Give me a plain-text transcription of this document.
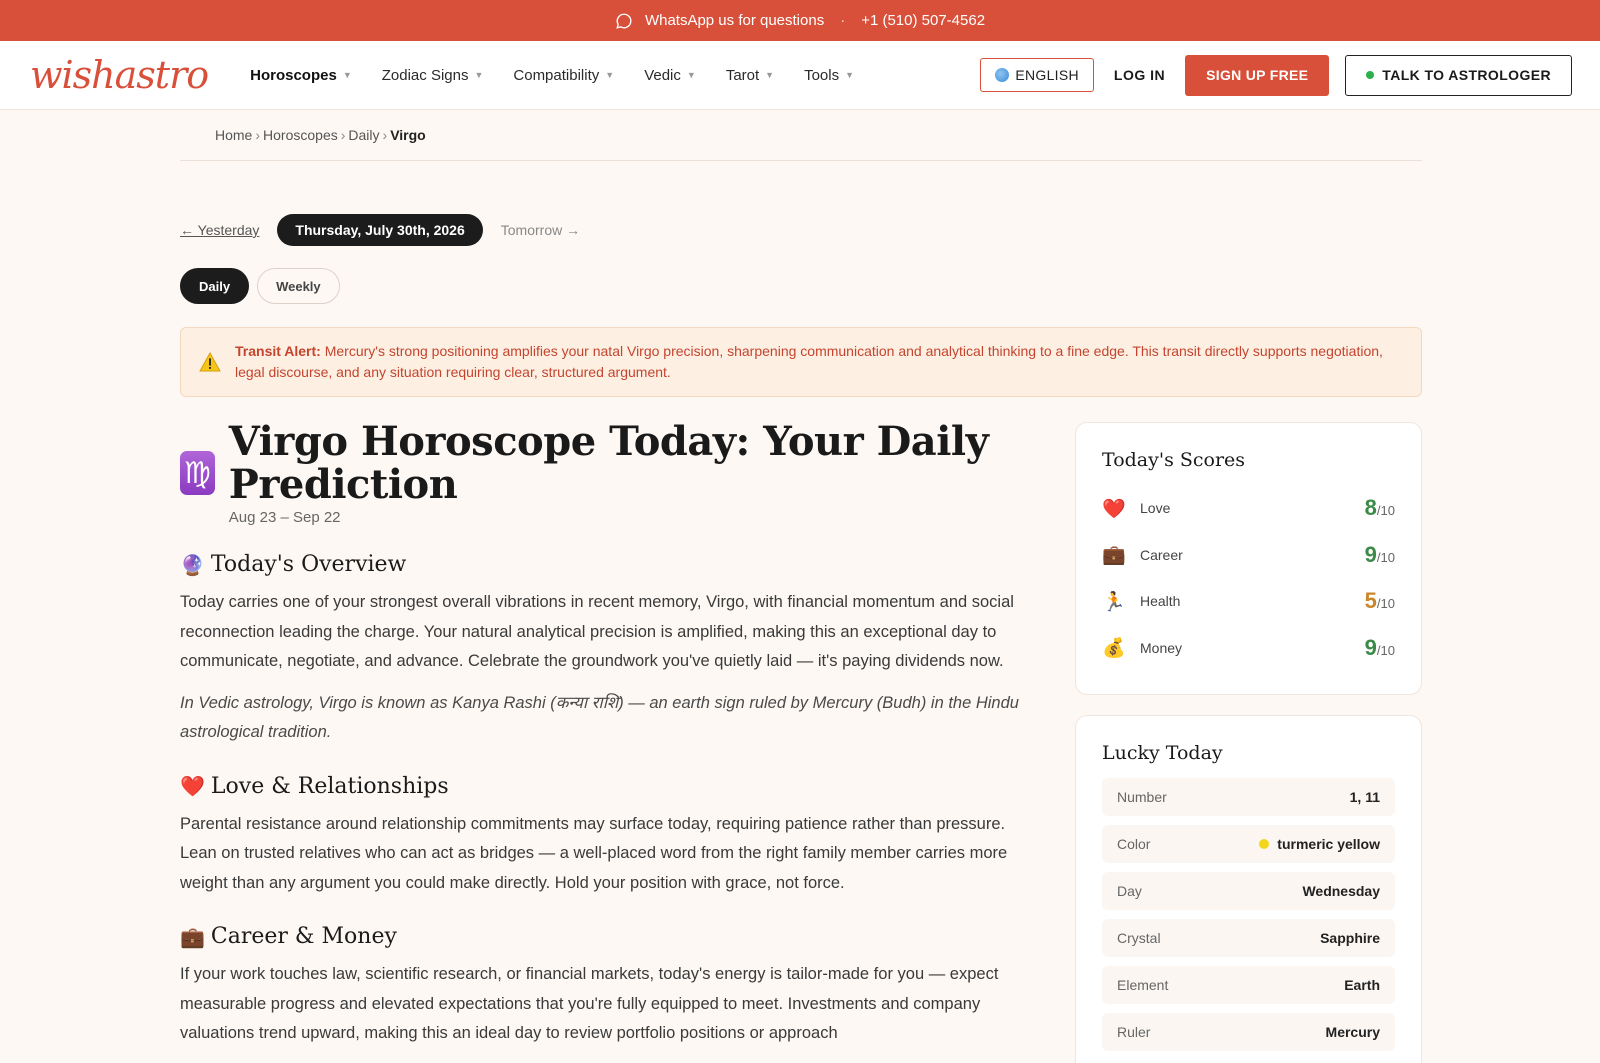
WhatsApp us for questions · +1 (510) 507-4562
wishastro	Horoscopes ▼ Zodiac Signs ▼ Compatibility ▼ Vedic ▼ Tarot ▼ Tools ▼	ENGLISH	LOG IN	SIGN UP FREE	TALK TO ASTROLOGER
Home › Horoscopes › Daily › Virgo
← Yesterday	Thursday, July 30th, 2026	Tomorrow →
Daily	Weekly
Transit Alert: Mercury's strong positioning amplifies your natal Virgo precision, sharpening communication and analytical thinking to a fine edge. This transit directly supports negotiation, legal discourse, and any situation requiring clear, structured argument.
♍
Virgo Horoscope Today: Your Daily Prediction
Aug 23 – Sep 22
🔮 Today's Overview

Today carries one of your strongest overall vibrations in recent memory, Virgo, with financial momentum and social reconnection leading the charge. Your natural analytical precision is amplified, making this an exceptional day to communicate, negotiate, and advance. Celebrate the groundwork you've quietly laid — it's paying dividends now.

In Vedic astrology, Virgo is known as Kanya Rashi (कन्या राशि) — an earth sign ruled by Mercury (Budh) in the Hindu astrological tradition.

❤️ Love & Relationships

Parental resistance around relationship commitments may surface today, requiring patience rather than pressure. Lean on trusted relatives who can act as bridges — a well-placed word from the right family member carries more weight than any argument you could make directly. Hold your position with grace, not force.

💼 Career & Money

If your work touches law, scientific research, or financial markets, today's energy is tailor-made for you — expect measurable progress and elevated expectations that you're fully equipped to meet. Investments and company valuations trend upward, making this an ideal day to review portfolio positions or approach

Today's Scores
❤️ Love	8/10
💼 Career	9/10
🏃 Health	5/10
💰 Money	9/10
Lucky Today
Number	1, 11
Color	turmeric yellow
Day	Wednesday
Crystal	Sapphire
Element	Earth
Ruler	Mercury
